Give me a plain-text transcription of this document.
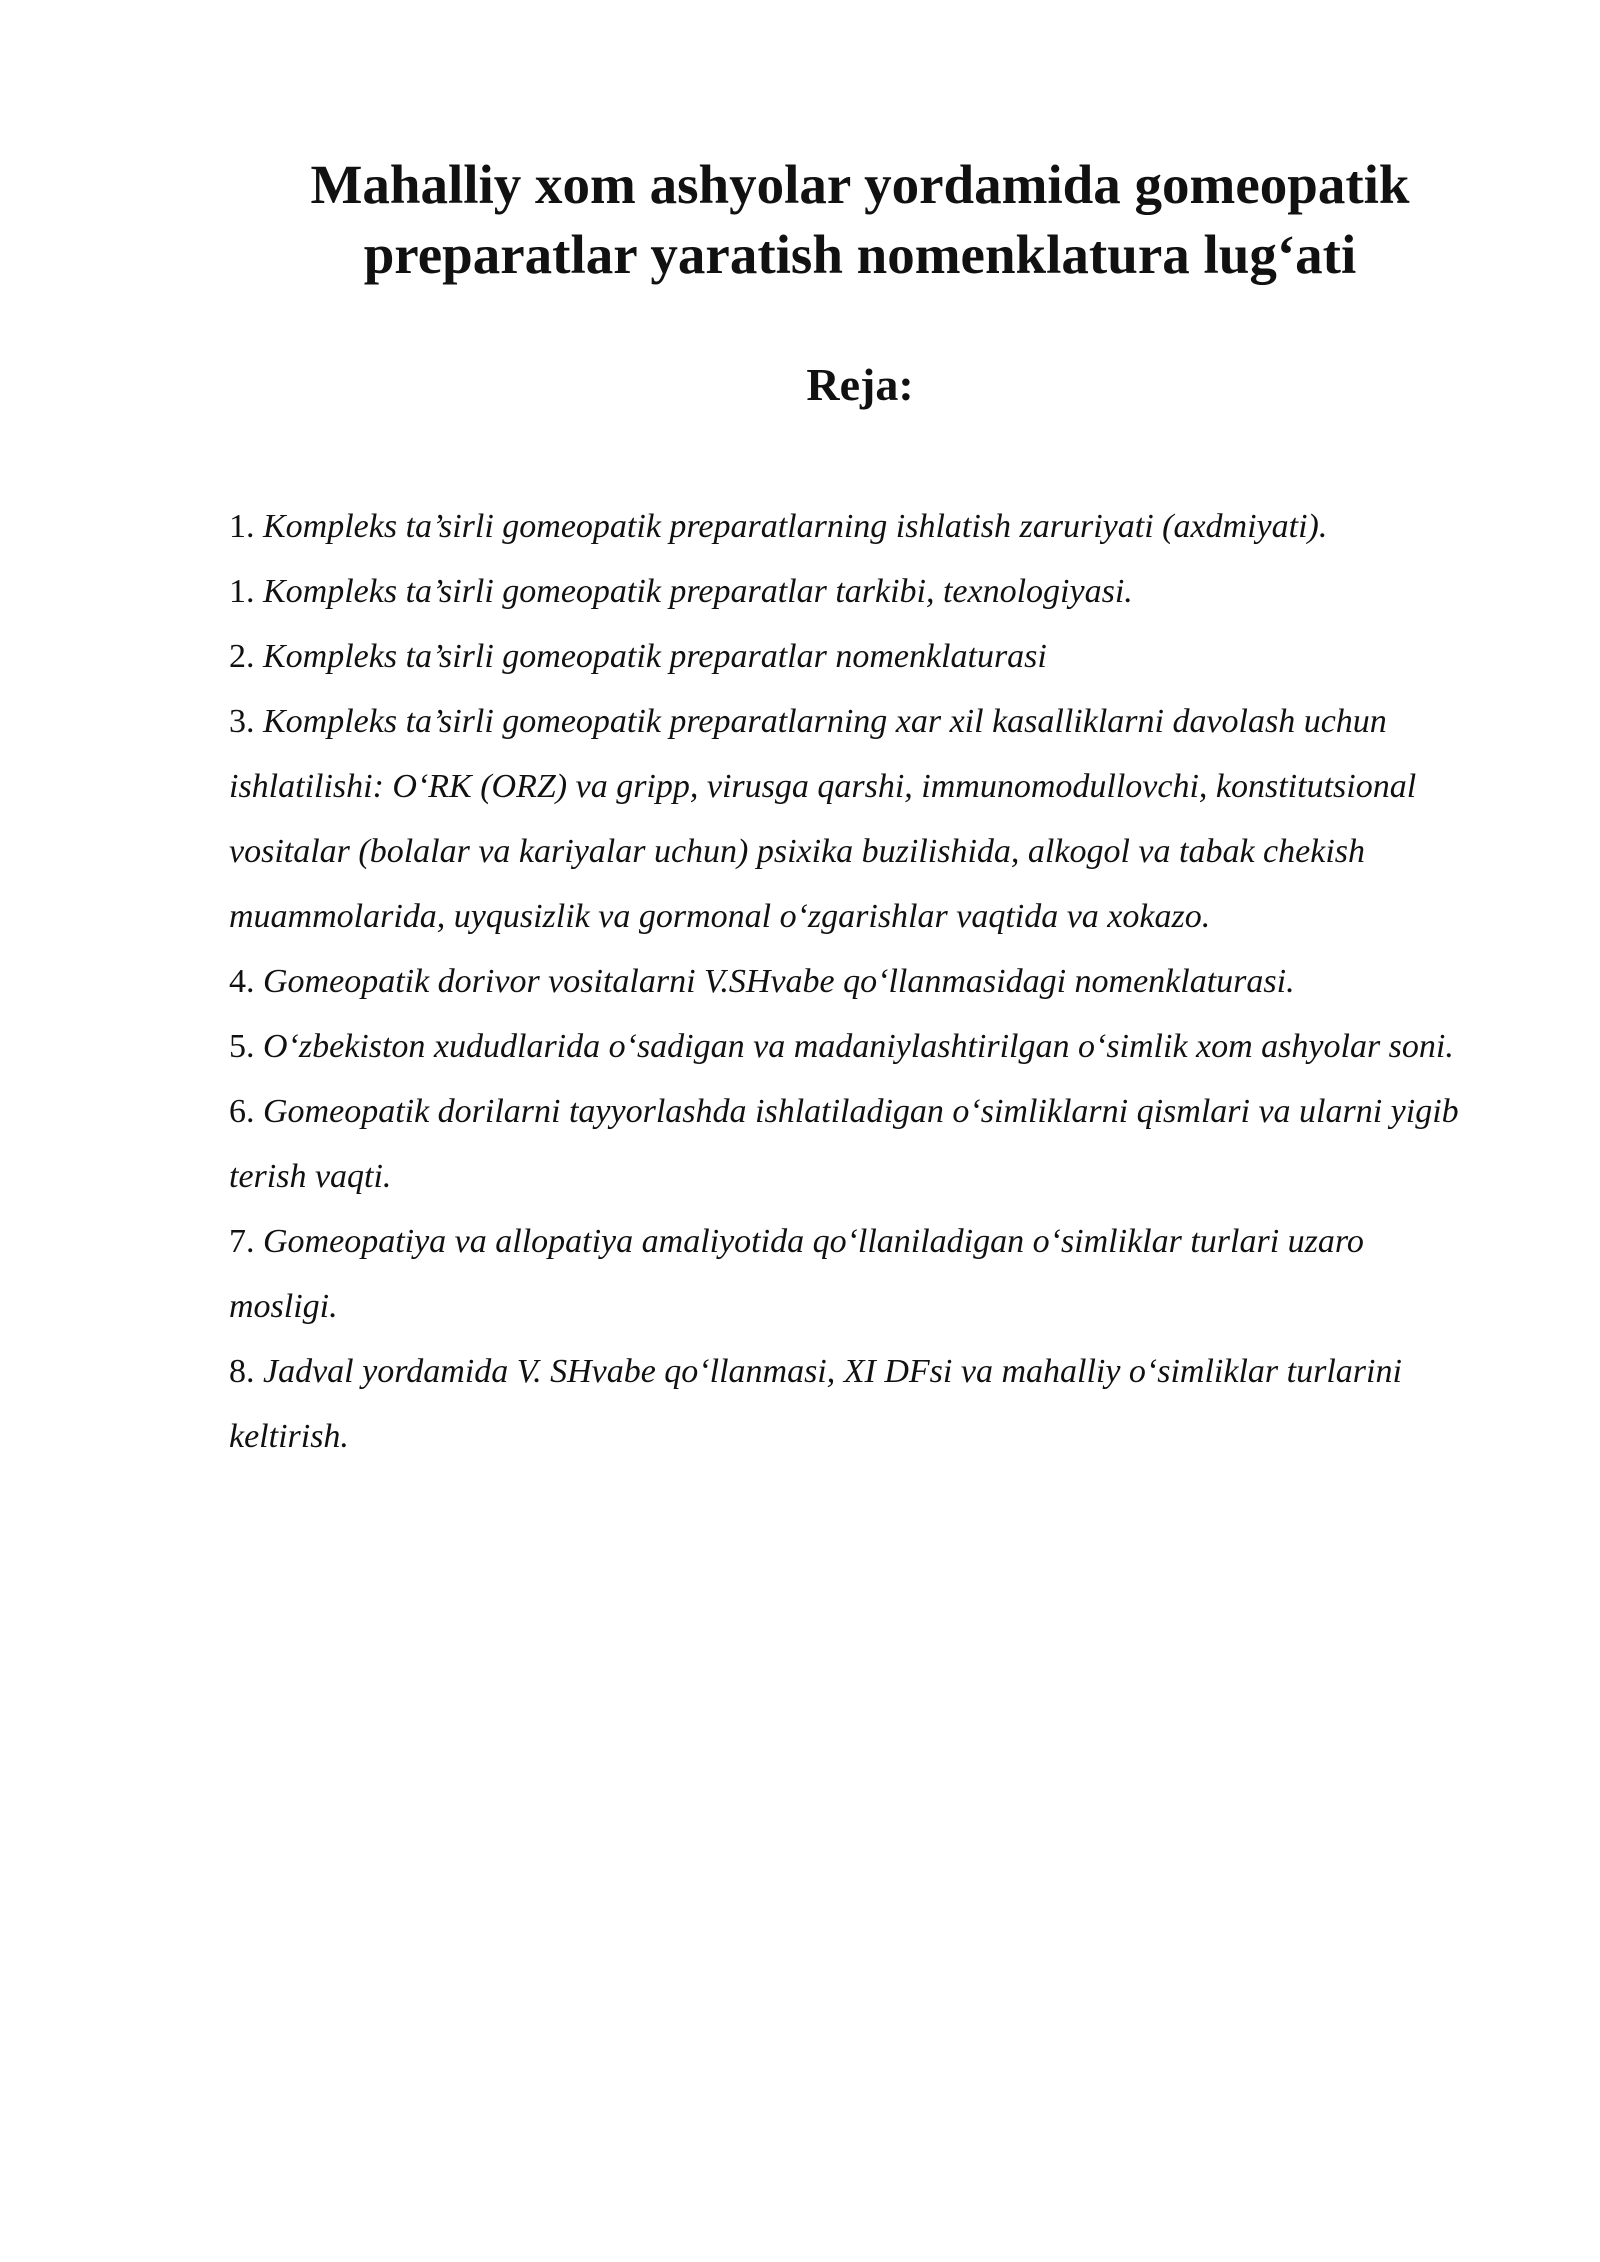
Mahalliy xom ashyolar yordamida gomeopatik preparatlar yaratish nomenklatura lug‘ati
Reja:
1. Kompleks ta’sirli gomeopatik preparatlarning ishlatish zaruriyati (axdmiyati).
1. Kompleks ta’sirli gomeopatik preparatlar tarkibi, texnologiyasi.
2. Kompleks ta’sirli gomeopatik preparatlar nomenklaturasi
3. Kompleks ta’sirli gomeopatik preparatlarning xar xil kasalliklarni davolash uchun ishlatilishi: O‘RK (ORZ) va gripp, virusga qarshi, immunomodullovchi, konstitutsional vositalar (bolalar va kariyalar uchun) psixika buzilishida, alkogol va tabak chekish muammolarida, uyqusizlik va gormonal o‘zgarishlar vaqtida va xokazo.
4. Gomeopatik dorivor vositalarni V.SHvabe qo‘llanmasidagi nomenklaturasi.
5. O‘zbekiston xududlarida o‘sadigan va madaniylashtirilgan o‘simlik xom ashyolar soni.
6. Gomeopatik dorilarni tayyorlashda ishlatiladigan o‘simliklarni qismlari va ularni yigib terish vaqti.
7. Gomeopatiya va allopatiya amaliyotida qo‘llaniladigan o‘simliklar turlari uzaro mosligi.
8. Jadval yordamida V. SHvabe qo‘llanmasi, XI DFsi va mahalliy o‘simliklar turlarini keltirish.
